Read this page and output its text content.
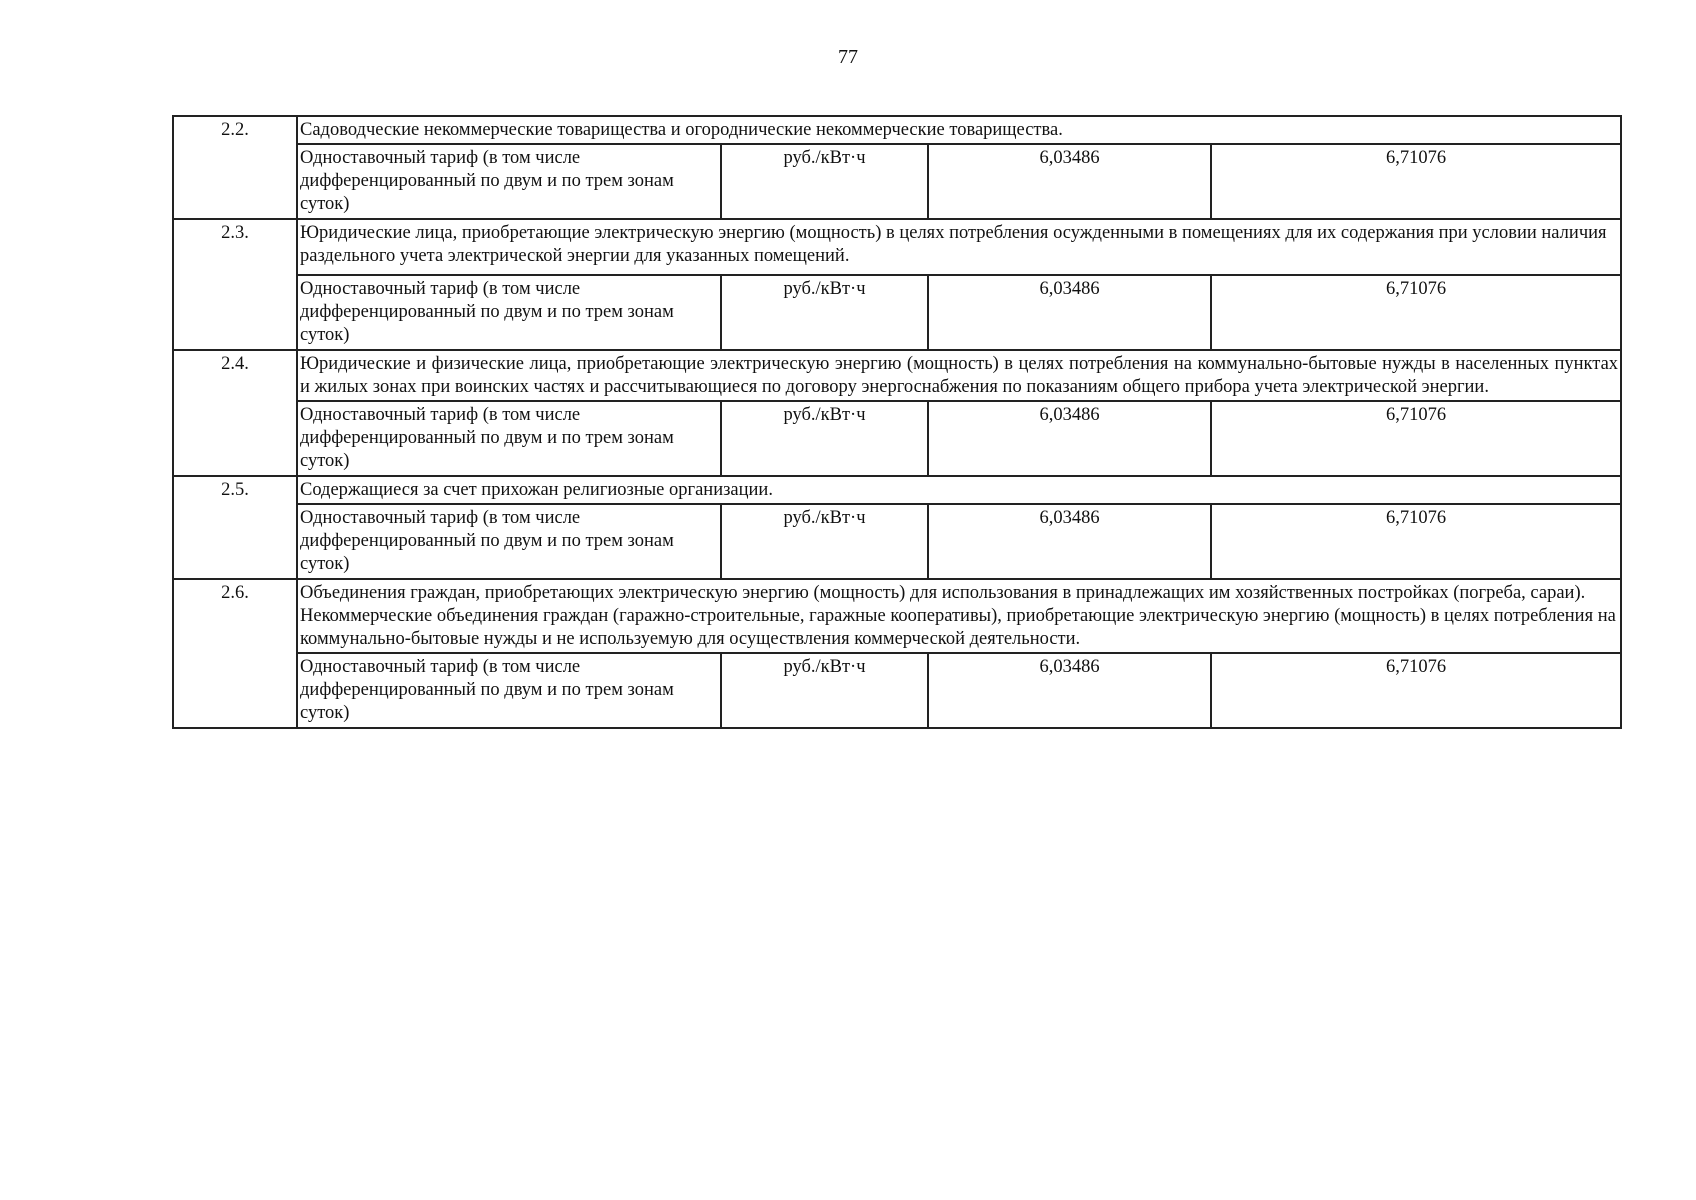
77
2.2.	Садоводческие некоммерческие товарищества и огороднические некоммерческие товарищества.			

	Одноставочный тариф (в том числе дифференцированный по двум и по трем зонам суток)	руб./кВт·ч	6,03486	6,71076
2.3.	Юридические лица, приобретающие электрическую энергию (мощность) в целях потребления осужденными в помещениях для их содержания при условии наличия раздельного учета электрической энергии для указанных помещений.			

	Одноставочный тариф (в том числе дифференцированный по двум и по трем зонам суток)	руб./кВт·ч	6,03486	6,71076
2.4.	Юридические и физические лица, приобретающие электрическую энергию (мощность) в целях потребления на коммунально-бытовые нужды в населенных пунктах и жилых зонах при воинских частях и рассчитывающиеся по договору энергоснабжения по показаниям общего прибора учета электрической энергии.			

	Одноставочный тариф (в том числе дифференцированный по двум и по трем зонам суток)	руб./кВт·ч	6,03486	6,71076
2.5.	Содержащиеся за счет прихожан религиозные организации.			

	Одноставочный тариф (в том числе дифференцированный по двум и по трем зонам суток)	руб./кВт·ч	6,03486	6,71076
2.6.	Объединения граждан, приобретающих электрическую энергию (мощность) для использования в принадлежащих им хозяйственных постройках (погреба, сараи).
Некоммерческие объединения граждан (гаражно-строительные, гаражные кооперативы), приобретающие электрическую энергию (мощность) в целях потребления на коммунально-бытовые нужды и не используемую для осуществления коммерческой деятельности.			

	Одноставочный тариф (в том числе дифференцированный по двум и по трем зонам суток)	руб./кВт·ч	6,03486	6,71076
